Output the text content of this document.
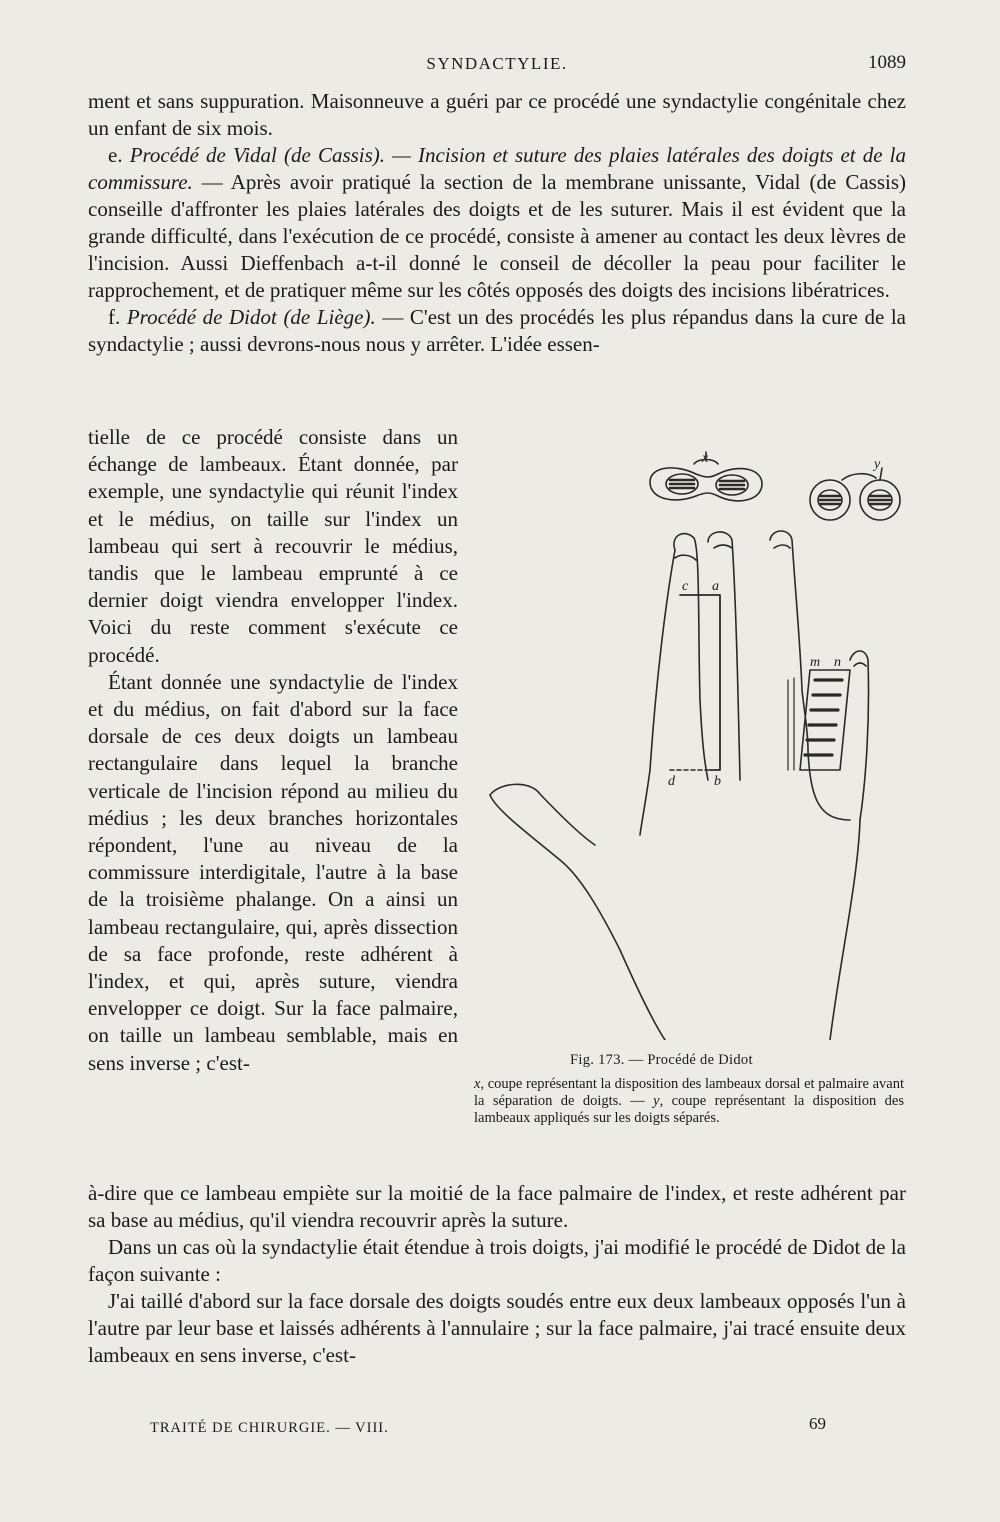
SYNDACTYLIE.	1089

ment et sans suppuration. Maisonneuve a guéri par ce procédé une syndactylie congénitale chez un enfant de six mois.

e. Procédé de Vidal (de Cassis). — Incision et suture des plaies latérales des doigts et de la commissure. — Après avoir pratiqué la section de la membrane unissante, Vidal (de Cassis) conseille d'affronter les plaies latérales des doigts et de les suturer. Mais il est évident que la grande difficulté, dans l'exécution de ce procédé, consiste à amener au contact les deux lèvres de l'incision. Aussi Dieffenbach a-t-il donné le conseil de décoller la peau pour faciliter le rapprochement, et de pratiquer même sur les côtés opposés des doigts des incisions libératrices.

f. Procédé de Didot (de Liège). — C'est un des procédés les plus répandus dans la cure de la syndactylie ; aussi devrons-nous nous y arrêter. L'idée essen-

tielle de ce procédé consiste dans un échange de lambeaux. Étant donnée, par exemple, une syndactylie qui réunit l'index et le médius, on taille sur l'index un lambeau qui sert à recouvrir le médius, tandis que le lambeau emprunté à ce dernier doigt viendra envelopper l'index. Voici du reste comment s'exécute ce procédé.

Étant donnée une syndactylie de l'index et du médius, on fait d'abord sur la face dorsale de ces deux doigts un lambeau rectangulaire dans lequel la branche verticale de l'incision répond au milieu du médius ; les deux branches horizontales répondent, l'une au niveau de la commissure interdigitale, l'autre à la base de la troisième phalange. On a ainsi un lambeau rectangulaire, qui, après dissection de sa face profonde, reste adhérent à l'index, et qui, après suture, viendra envelopper ce doigt. Sur la face palmaire, on taille un lambeau semblable, mais en sens inverse ; c'est-

c a
d	b
m n
x	y
Fig. 173. — Procédé de Didot
x, coupe représentant la disposition des lambeaux dorsal et palmaire avant la séparation de doigts. — y, coupe représentant la disposition des lambeaux appliqués sur les doigts séparés.

à-dire que ce lambeau empiète sur la moitié de la face palmaire de l'index, et reste adhérent par sa base au médius, qu'il viendra recouvrir après la suture.

Dans un cas où la syndactylie était étendue à trois doigts, j'ai modifié le procédé de Didot de la façon suivante :

J'ai taillé d'abord sur la face dorsale des doigts soudés entre eux deux lambeaux opposés l'un à l'autre par leur base et laissés adhérents à l'annulaire ; sur la face palmaire, j'ai tracé ensuite deux lambeaux en sens inverse, c'est-

TRAITÉ DE CHIRURGIE. — VIII.	69
